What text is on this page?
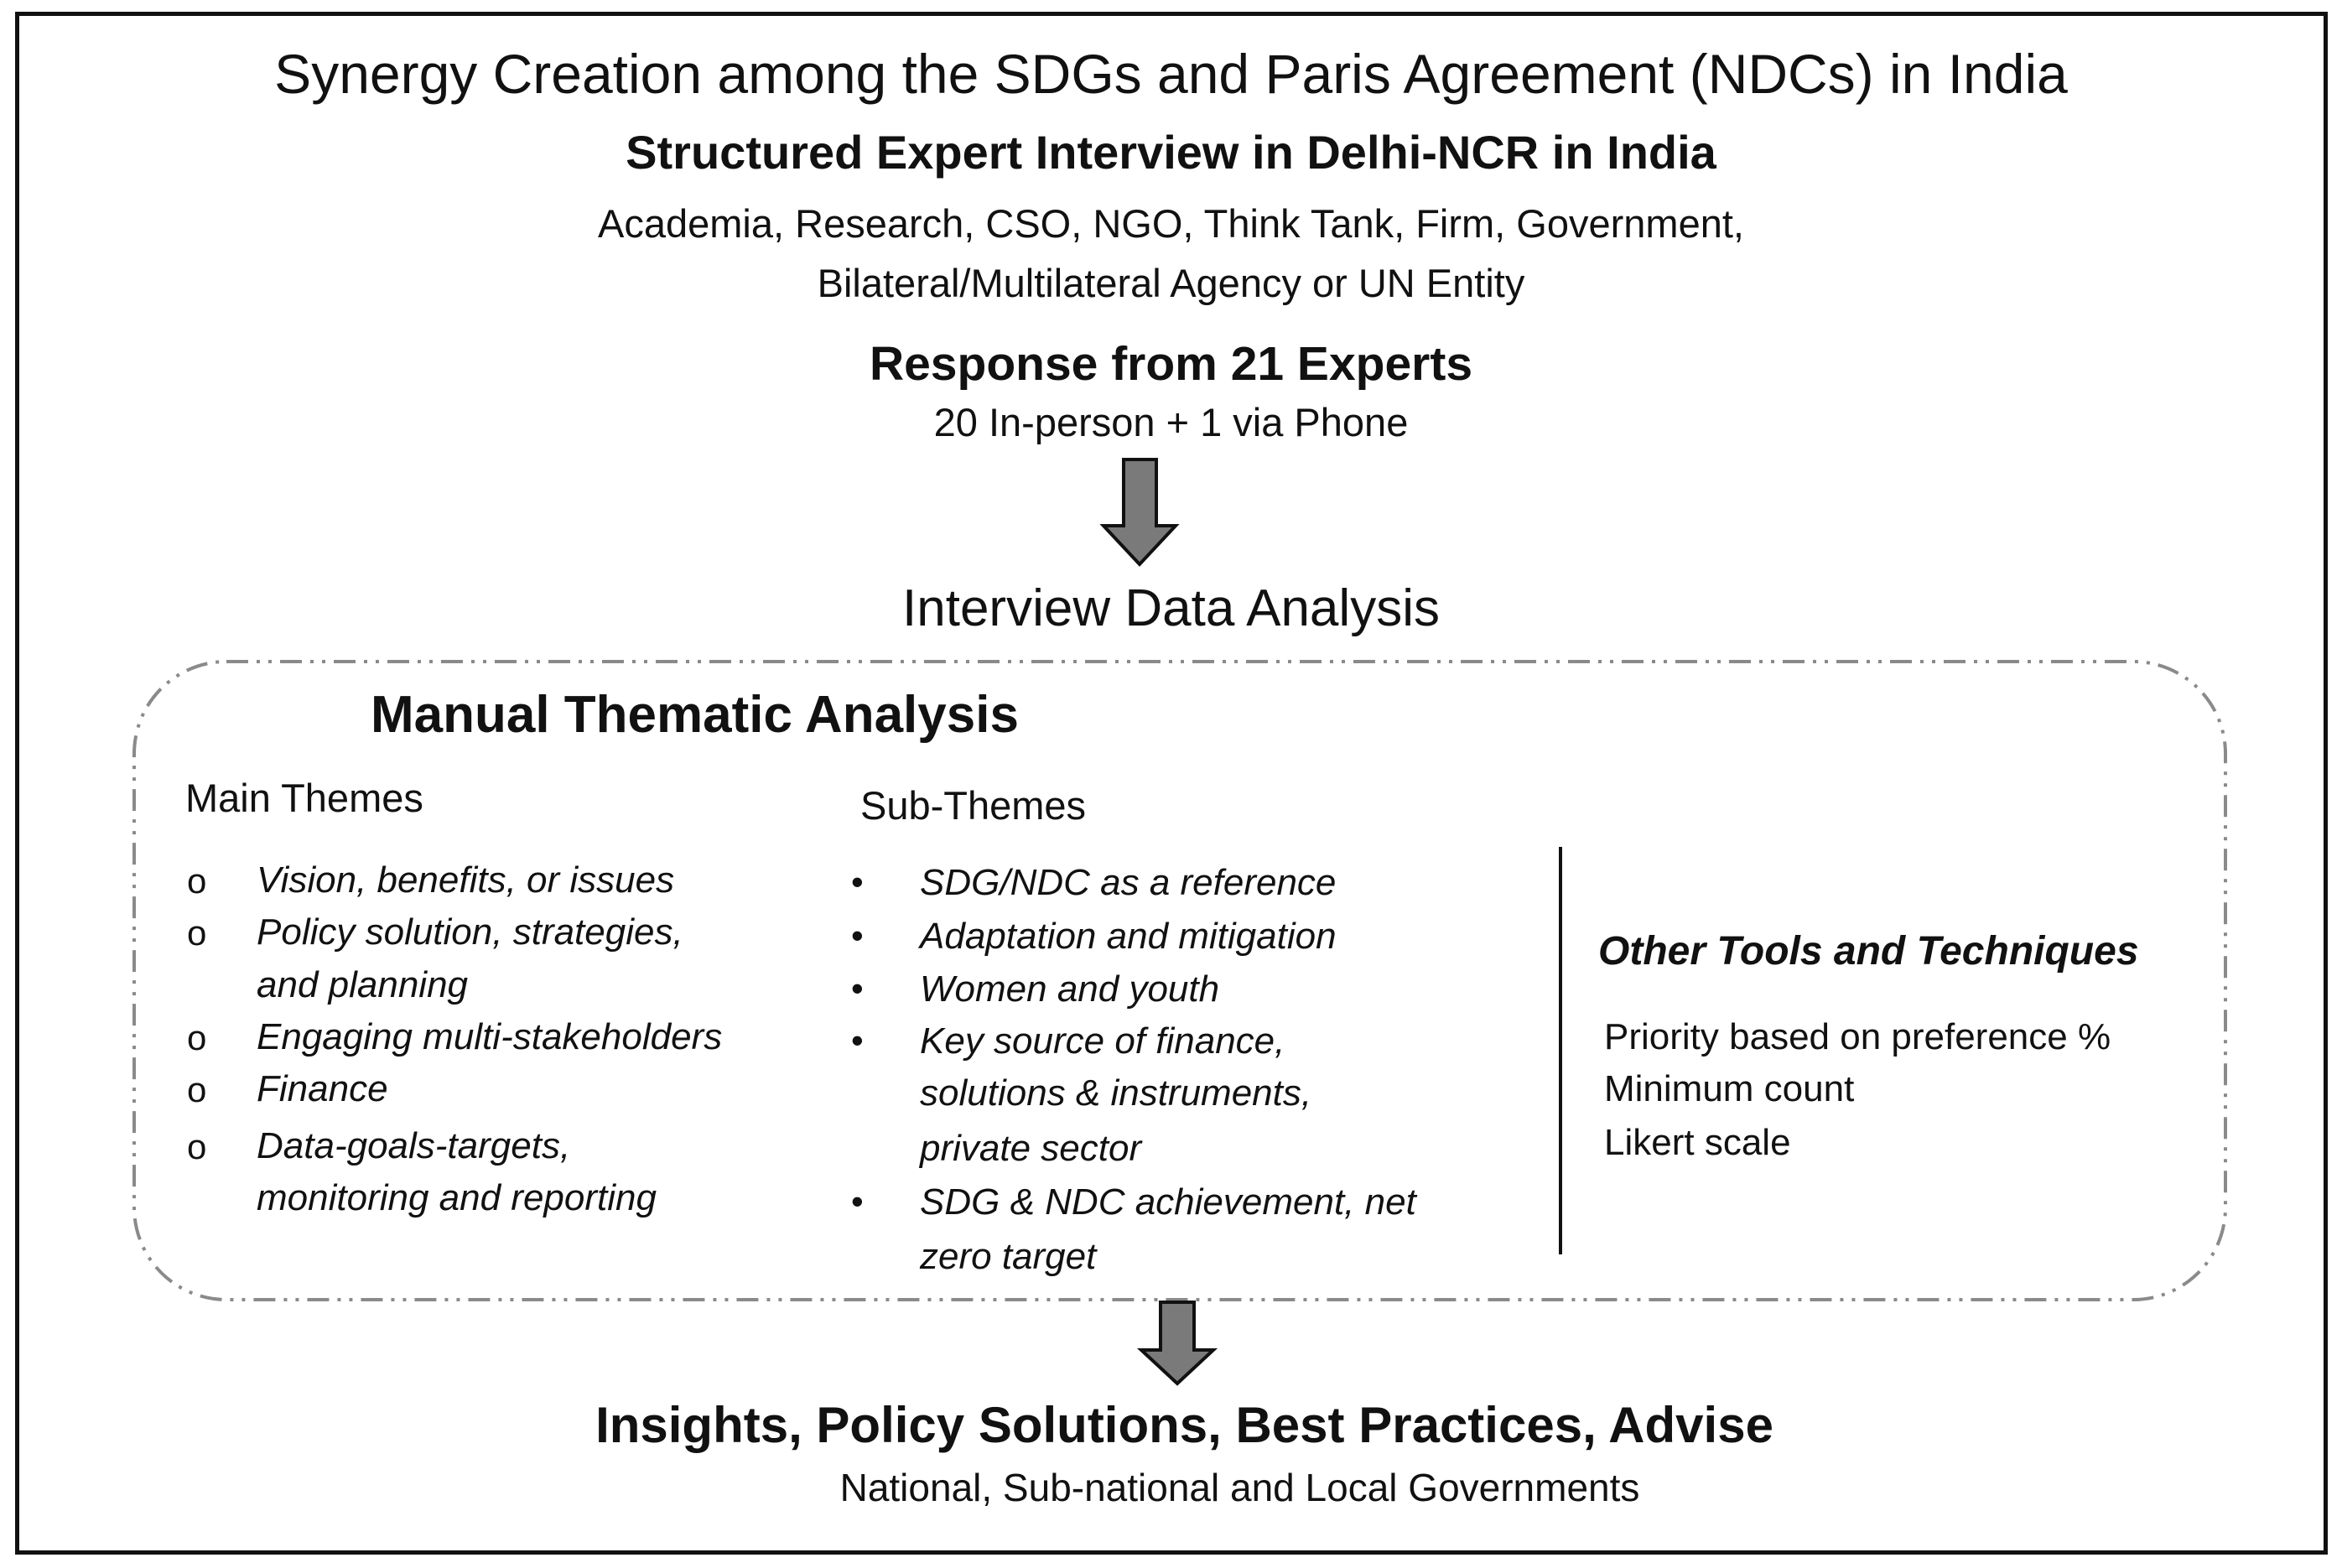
Synergy Creation among the SDGs and Paris Agreement (NDCs) in India
Structured Expert Interview in Delhi-NCR in India
Academia, Research, CSO, NGO, Think Tank, Firm, Government,
Bilateral/Multilateral Agency or UN Entity
Response from 21 Experts
20 In-person + 1 via Phone
Interview Data Analysis
Manual Thematic Analysis
Main Themes	Sub-Themes
o Vision, benefits, or issues
o Policy solution, strategies,
and planning
o Engaging multi-stakeholders
o Finance
o Data-goals-targets,
monitoring and reporting
• SDG/NDC as a reference
• Adaptation and mitigation
• Women and youth
• Key source of finance,
solutions & instruments,
private sector
• SDG & NDC achievement, net
zero target
Other Tools and Techniques
Priority based on preference %
Minimum count
Likert scale
Insights, Policy Solutions, Best Practices, Advise
National, Sub-national and Local Governments
